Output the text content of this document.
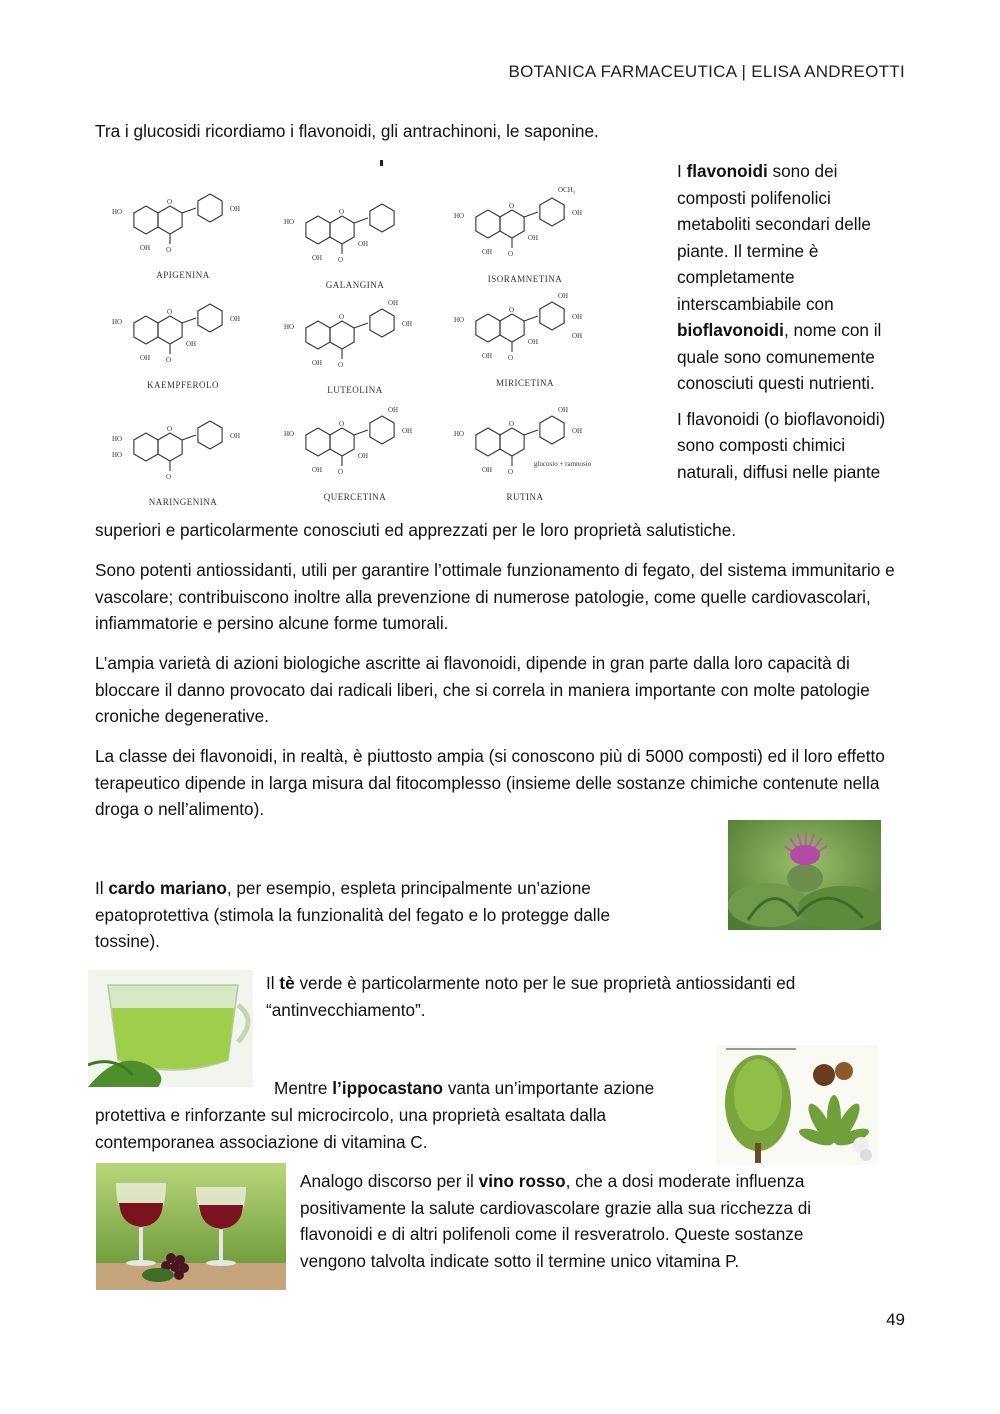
BOTANICA FARMACEUTICA | ELISA ANDREOTTI

Tra i glucosidi ricordiamo i flavonoidi, gli antrachinoni, le saponine.

O
O
HO
OH
OH
APIGENINA
O
O
HO
OH
OH
GALANGINA
O
O
HO
OH
OH
OH
OCH₃
ISORAMNETINA
O
O
HO
OH
OH
OH
KAEMPFEROLO
O
O
HO
OH
OH
OH
LUTEOLINA
O
O
HO
OH
OH
OH
OH
OH
MIRICETINA
O
O
HO
HO
OH
NARINGENINA
O
O
HO
OH
OH
OH
OH
QUERCETINA
O
O
HO
OH
OH
OH
glucosio + ramnosio
RUTINA

I flavonoidi sono dei composti polifenolici metaboliti secondari delle piante. Il termine è completamente interscambiabile con bioflavonoidi, nome con il quale sono comunemente conosciuti questi nutrienti.

I flavonoidi (o bioflavonoidi) sono composti chimici naturali, diffusi nelle piante

superiori e particolarmente conosciuti ed apprezzati per le loro proprietà salutistiche.

Sono potenti antiossidanti, utili per garantire l’ottimale funzionamento di fegato, del sistema immunitario e vascolare; contribuiscono inoltre alla prevenzione di numerose patologie, come quelle cardiovascolari, infiammatorie e persino alcune forme tumorali.

L’ampia varietà di azioni biologiche ascritte ai flavonoidi, dipende in gran parte dalla loro capacità di bloccare il danno provocato dai radicali liberi, che si correla in maniera importante con molte patologie croniche degenerative.

La classe dei flavonoidi, in realtà, è piuttosto ampia (si conoscono più di 5000 composti) ed il loro effetto terapeutico dipende in larga misura dal fitocomplesso (insieme delle sostanze chimiche contenute nella droga o nell’alimento).

Il cardo mariano, per esempio, espleta principalmente un’azione epatoprotettiva (stimola la funzionalità del fegato e lo protegge dalle tossine).

Il tè verde è particolarmente noto per le sue proprietà antiossidanti ed “antinvecchiamento”.

Mentre l’ippocastano vanta un’importante azione

protettiva e rinforzante sul microcircolo, una proprietà esaltata dalla contemporanea associazione di vitamina C.

Analogo discorso per il vino rosso, che a dosi moderate influenza positivamente la salute cardiovascolare grazie alla sua ricchezza di flavonoidi e di altri polifenoli come il resveratrolo. Queste sostanze vengono talvolta indicate sotto il termine unico vitamina P.

49
